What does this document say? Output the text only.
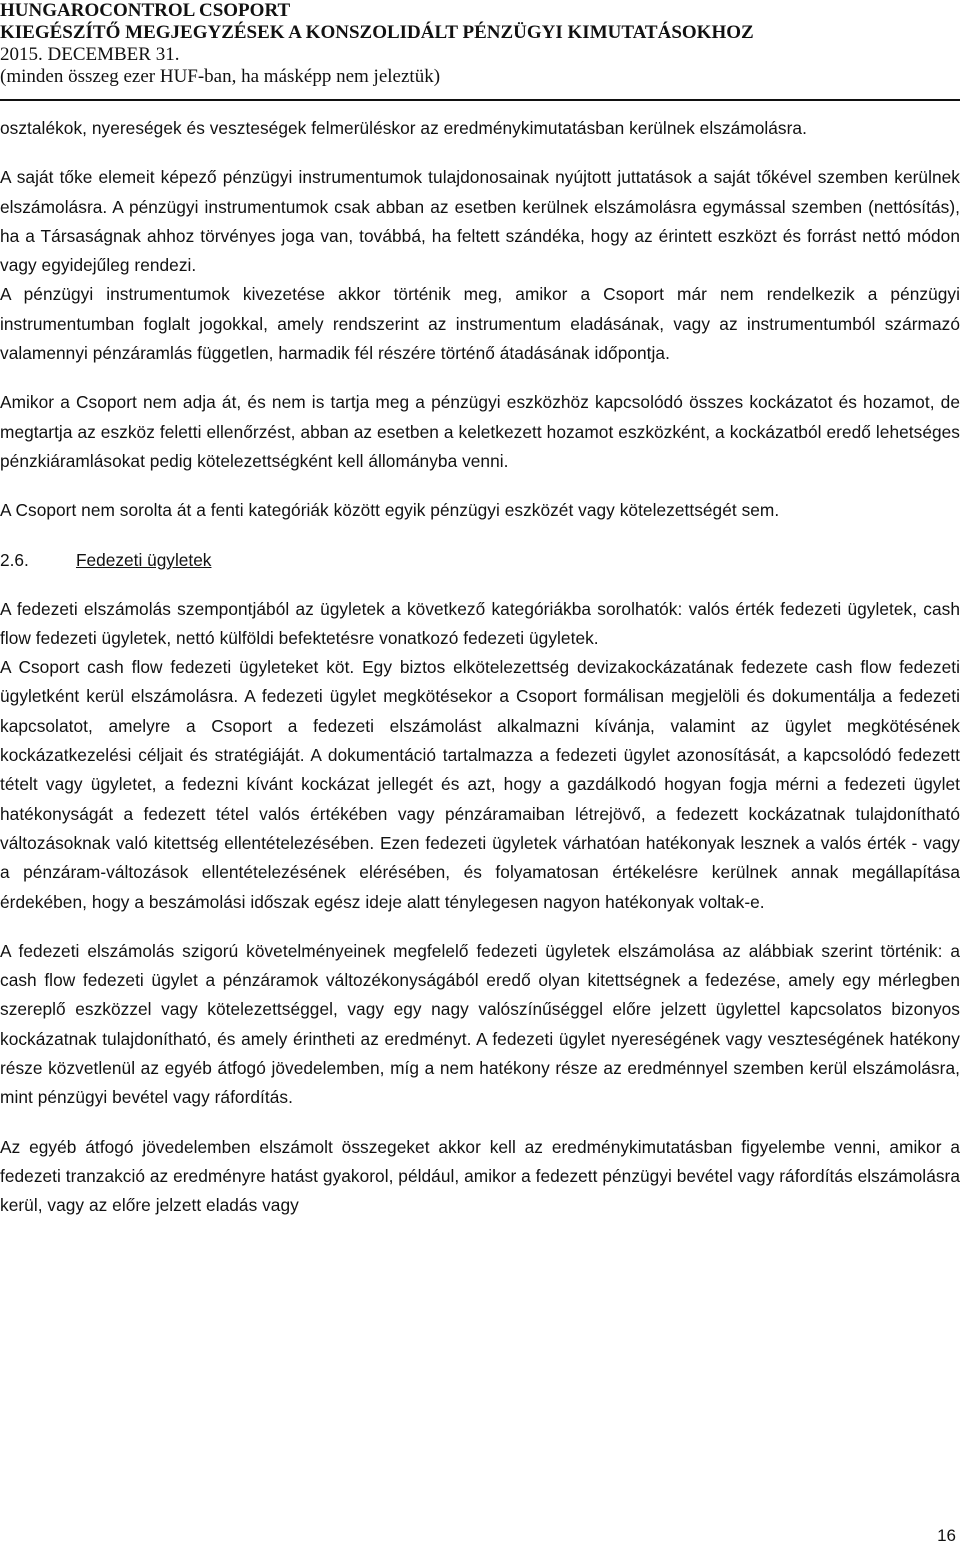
HUNGAROCONTROL CSOPORT
KIEGÉSZÍTŐ MEGJEGYZÉSEK A KONSZOLIDÁLT PÉNZÜGYI KIMUTATÁSOKHOZ
2015. DECEMBER 31.
(minden összeg ezer HUF-ban, ha másképp nem jeleztük)

osztalékok, nyereségek és veszteségek felmerüléskor az eredménykimutatásban kerülnek elszámolásra.

A saját tőke elemeit képező pénzügyi instrumentumok tulajdonosainak nyújtott juttatások a saját tőkével szemben kerülnek elszámolásra. A pénzügyi instrumentumok csak abban az esetben kerülnek elszámolásra egymással szemben (nettósítás), ha a Társaságnak ahhoz törvényes joga van, továbbá, ha feltett szándéka, hogy az érintett eszközt és forrást nettó módon vagy egyidejűleg rendezi.

A pénzügyi instrumentumok kivezetése akkor történik meg, amikor a Csoport már nem rendelkezik a pénzügyi instrumentumban foglalt jogokkal, amely rendszerint az instrumentum eladásának, vagy az instrumentumból származó valamennyi pénzáramlás független, harmadik fél részére történő átadásának időpontja.

Amikor a Csoport nem adja át, és nem is tartja meg a pénzügyi eszközhöz kapcsolódó összes kockázatot és hozamot, de megtartja az eszköz feletti ellenőrzést, abban az esetben a keletkezett hozamot eszközként, a kockázatból eredő lehetséges pénzkiáramlásokat pedig kötelezettségként kell állományba venni.

A Csoport nem sorolta át a fenti kategóriák között egyik pénzügyi eszközét vagy kötelezettségét sem.

2.6.	Fedezeti ügyletek

A fedezeti elszámolás szempontjából az ügyletek a következő kategóriákba sorolhatók: valós érték fedezeti ügyletek, cash flow fedezeti ügyletek, nettó külföldi befektetésre vonatkozó fedezeti ügyletek.

A Csoport cash flow fedezeti ügyleteket köt. Egy biztos elkötelezettség devizakockázatának fedezete cash flow fedezeti ügyletként kerül elszámolásra. A fedezeti ügylet megkötésekor a Csoport formálisan megjelöli és dokumentálja a fedezeti kapcsolatot, amelyre a Csoport a fedezeti elszámolást alkalmazni kívánja, valamint az ügylet megkötésének kockázatkezelési céljait és stratégiáját. A dokumentáció tartalmazza a fedezeti ügylet azonosítását, a kapcsolódó fedezett tételt vagy ügyletet, a fedezni kívánt kockázat jellegét és azt, hogy a gazdálkodó hogyan fogja mérni a fedezeti ügylet hatékonyságát a fedezett tétel valós értékében vagy pénzáramaiban létrejövő, a fedezett kockázatnak tulajdonítható változásoknak való kitettség ellentételezésében. Ezen fedezeti ügyletek várhatóan hatékonyak lesznek a valós érték - vagy a pénzáram-változások ellentételezésének elérésében, és folyamatosan értékelésre kerülnek annak megállapítása érdekében, hogy a beszámolási időszak egész ideje alatt ténylegesen nagyon hatékonyak voltak-e.

A fedezeti elszámolás szigorú követelményeinek megfelelő fedezeti ügyletek elszámolása az alábbiak szerint történik: a cash flow fedezeti ügylet a pénzáramok változékonyságából eredő olyan kitettségnek a fedezése, amely egy mérlegben szereplő eszközzel vagy kötelezettséggel, vagy egy nagy valószínűséggel előre jelzett ügylettel kapcsolatos bizonyos kockázatnak tulajdonítható, és amely érintheti az eredményt. A fedezeti ügylet nyereségének vagy veszteségének hatékony része közvetlenül az egyéb átfogó jövedelemben, míg a nem hatékony része az eredménnyel szemben kerül elszámolásra, mint pénzügyi bevétel vagy ráfordítás.

Az egyéb átfogó jövedelemben elszámolt összegeket akkor kell az eredménykimutatásban figyelembe venni, amikor a fedezeti tranzakció az eredményre hatást gyakorol, például, amikor a fedezett pénzügyi bevétel vagy ráfordítás elszámolásra kerül, vagy az előre jelzett eladás vagy

16
